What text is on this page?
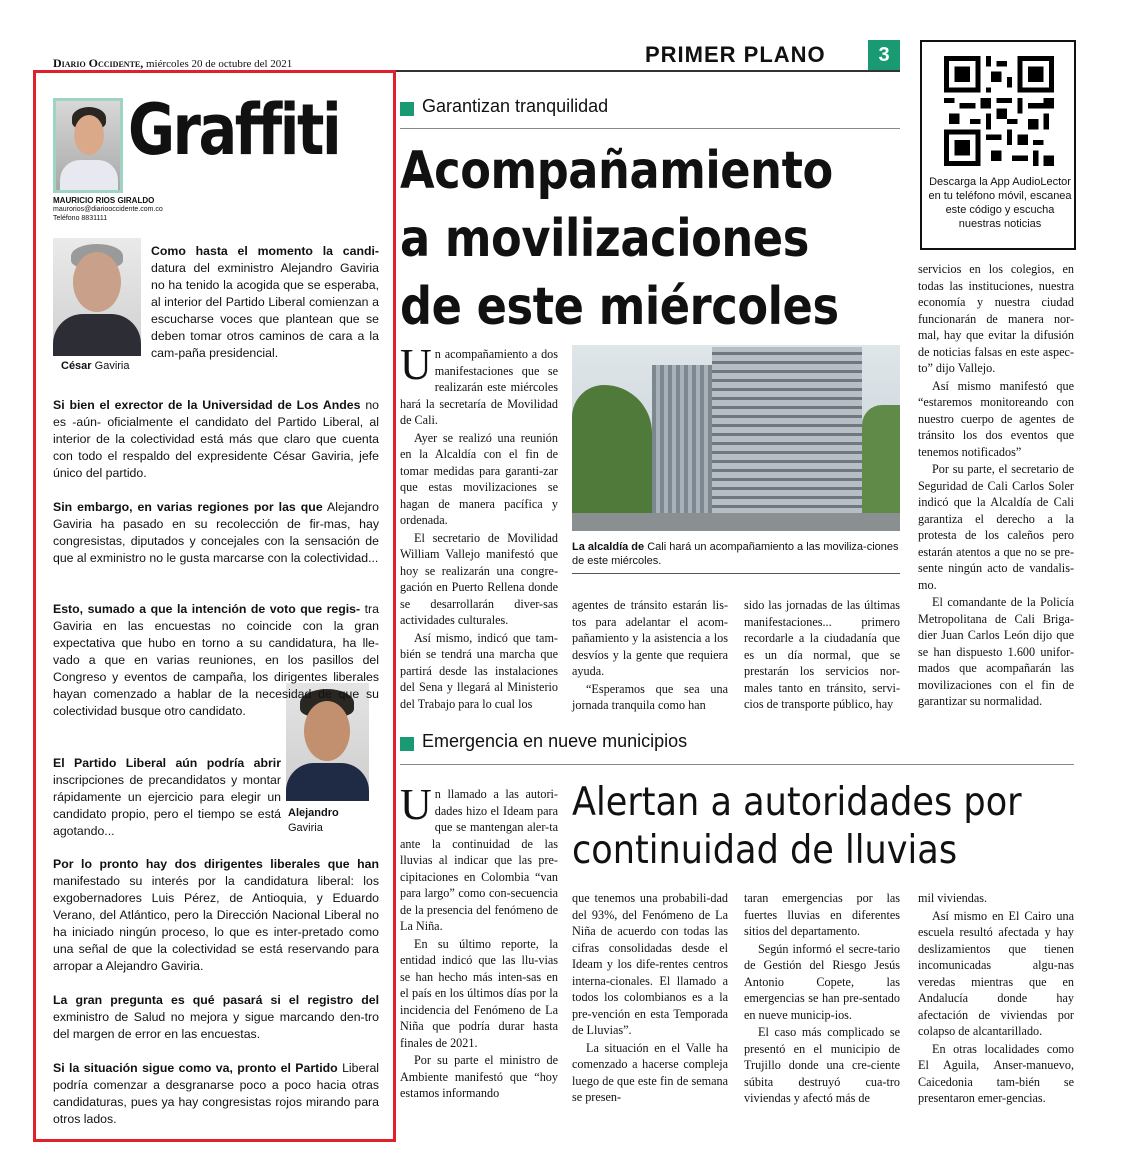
Diario Occidente, miércoles 20 de octubre del 2021	PRIMER PLANO	3
Graffiti
MAURICIO RIOS GIRALDO
maurorios@diariooccidente.com.co
Teléfono 8831111
César Gaviria
Alejandro
Gaviria
Como hasta el momento la candi- datura del exministro Alejandro Gaviria no ha tenido la acogida que se esperaba, al interior del Partido Liberal comienzan a escucharse voces que plantean que se deben tomar otros caminos de cara a la cam-paña presidencial.
Si bien el exrector de la Universidad de Los Andes no es -aún- oficialmente el candidato del Partido Liberal, al interior de la colectividad está más que claro que cuenta con todo el respaldo del expresidente César Gaviria, jefe único del partido.
Sin embargo, en varias regiones por las que Alejandro Gaviria ha pasado en su recolección de fir-mas, hay congresistas, diputados y concejales con la sensación de que al exministro no le gusta marcarse con la colectividad...
Esto, sumado a que la intención de voto que regis- tra Gaviria en las encuestas no coincide con la gran expectativa que hubo en torno a su candidatura, ha lle-vado a que en varias reuniones, en los pasillos del Congreso y eventos de campaña, los dirigentes liberales hayan comenzado a hablar de la necesidad de que su colectividad busque otro candidato.
El Partido Liberal aún podría abrir inscripciones de precandidatos y montar rápidamente un ejercicio para elegir un candidato propio, pero el tiempo se está agotando...
Por lo pronto hay dos dirigentes liberales que han manifestado su interés por la candidatura liberal: los exgobernadores Luis Pérez, de Antioquia, y Eduardo Verano, del Atlántico, pero la Dirección Nacional Liberal no ha iniciado ningún proceso, lo que es inter-pretado como una señal de que la colectividad se está reservando para arropar a Alejandro Gaviria.
La gran pregunta es qué pasará si el registro del exministro de Salud no mejora y sigue marcando den-tro del margen de error en las encuestas.
Si la situación sigue como va, pronto el Partido Liberal podría comenzar a desgranarse poco a poco hacia otras candidaturas, pues ya hay congresistas rojos mirando para otros lados.
Garantizan tranquilidad
Acompañamiento
a movilizaciones
de este miércoles

Un acompañamiento a dos manifestaciones que se realizarán este miércoles hará la secretaría de Movilidad de Cali.

Ayer se realizó una reunión en la Alcaldía con el fin de tomar medidas para garanti-zar que estas movilizaciones se hagan de manera pacífica y ordenada.

El secretario de Movilidad William Vallejo manifestó que hoy se realizarán una congre-gación en Puerto Rellena donde se desarrollarán diver-sas actividades culturales.

Así mismo, indicó que tam-bién se tendrá una marcha que partirá desde las instalaciones del Sena y llegará al Ministerio del Trabajo para lo cual los

La alcaldía de Cali hará un acompañamiento a las moviliza-ciones de este miércoles.

agentes de tránsito estarán lis-tos para adelantar el acom-pañamiento y la asistencia a los desvíos y la gente que requiera ayuda.

“Esperamos que sea una jornada tranquila como han

sido las jornadas de las últimas manifestaciones... primero recordarle a la ciudadanía que es un día normal, que se prestarán los servicios nor-males tanto en tránsito, servi-cios de transporte público, hay

Descarga la App AudioLector en tu teléfono móvil, escanea este código y escucha nuestras noticias

servicios en los colegios, en todas las instituciones, nuestra economía y nuestra ciudad funcionarán de manera nor-mal, hay que evitar la difusión de noticias falsas en este aspec-to” dijo Vallejo.

Así mismo manifestó que “estaremos monitoreando con nuestro cuerpo de agentes de tránsito los dos eventos que tenemos notificados”

Por su parte, el secretario de Seguridad de Cali Carlos Soler indicó que la Alcaldía de Cali garantiza el derecho a la protesta de los caleños pero estarán atentos a que no se pre-sente ningún acto de vandalis-mo.

El comandante de la Policía Metropolitana de Cali Briga-dier Juan Carlos León dijo que se han dispuesto 1.600 unifor-mados que acompañarán las movilizaciones con el fin de garantizar su normalidad.

Emergencia en nueve municipios
Alertan a autoridades por
continuidad de lluvias

Un llamado a las autori-dades hizo el Ideam para que se mantengan aler-ta ante la continuidad de las lluvias al indicar que las pre-cipitaciones en Colombia “van para largo” como con-secuencia de la presencia del fenómeno de La Niña.

En su último reporte, la entidad indicó que las llu-vias se han hecho más inten-sas en el país en los últimos días por la incidencia del Fenómeno de La Niña que podría durar hasta finales de 2021.

Por su parte el ministro de Ambiente manifestó que “hoy estamos informando

que tenemos una probabili-dad del 93%, del Fenómeno de La Niña de acuerdo con todas las cifras consolidadas desde el Ideam y los dife-rentes centros interna-cionales. El llamado a todos los colombianos es a la pre-vención en esta Temporada de Lluvias”.

La situación en el Valle ha comenzado a hacerse compleja luego de que este fin de semana se presen-

taran emergencias por las fuertes lluvias en diferentes sitios del departamento.

Según informó el secre-tario de Gestión del Riesgo Jesús Antonio Copete, las emergencias se han pre-sentado en nueve municip-ios.

El caso más complicado se presentó en el municipio de Trujillo donde una cre-ciente súbita destruyó cua-tro viviendas y afectó más de

mil viviendas.

Así mismo en El Cairo una escuela resultó afectada y hay deslizamientos que tienen incomunicadas algu-nas veredas mientras que en Andalucía donde hay afectación de viviendas por colapso de alcantarillado.

En otras localidades como El Aguila, Anser-manuevo, Caicedonia tam-bién se presentaron emer-gencias.
